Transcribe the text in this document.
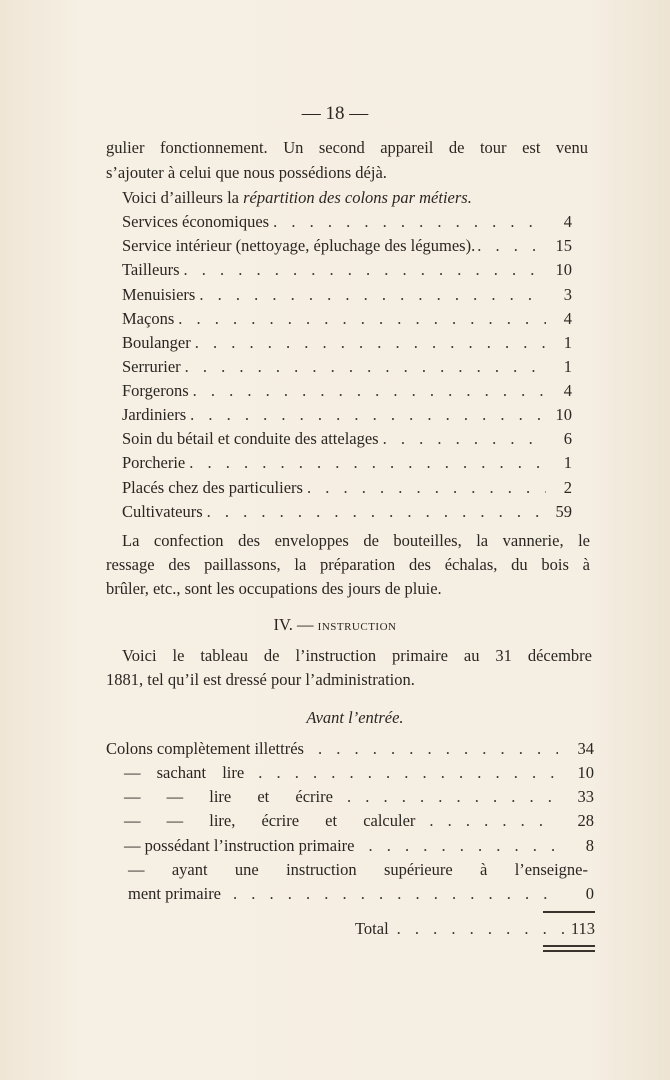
— 18 —
gulier fonctionnement. Un second appareil de tour est venu
s’ajouter à celui que nous possédions déjà.
Voici d’ailleurs la répartition des colons par métiers.
Services économiques . . .	4
Service intérieur (nettoyage, épluchage des légumes). . . .	15
Tailleurs . . .	10
Menuisiers . . .	3
Maçons . . .	4
Boulanger . . .	1
Serrurier . . .	1
Forgerons . . .	4
Jardiniers . . .	10
Soin du bétail et conduite des attelages . . .	6
Porcherie . . .	1
Placés chez des particuliers . . .	2
Cultivateurs . . .	59
La confection des enveloppes de bouteilles, la vannerie, le
ressage des paillassons, la préparation des échalas, du bois à
brûler, etc., sont les occupations des jours de pluie.
IV. — instruction
Voici le tableau de l’instruction primaire au 31 décembre
1881, tel qu’il est dressé pour l’administration.
Avant l’entrée.
Colons complètement illettrés . . .	34
— sachant lire . . .	10
— — lire et écrire . . .	33
— — lire, écrire et calculer . . .	28
— possédant l’instruction primaire . . .	8
— ayant une instruction supérieure à l’enseigne-
ment primaire . . .	0
Total . . .	113
